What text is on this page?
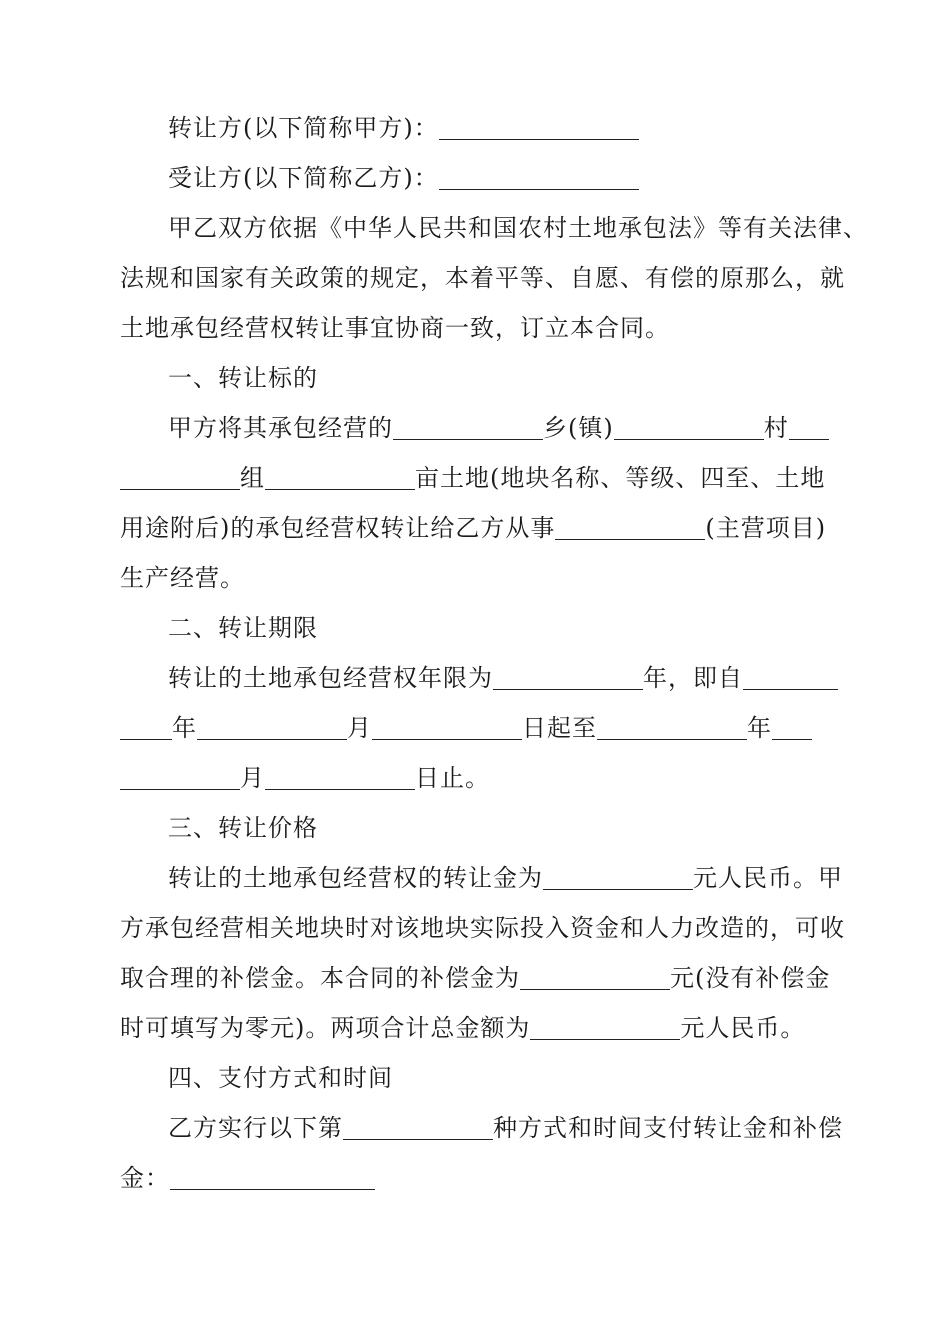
转让方(以下简称甲方)：
受让方(以下简称乙方)：
甲乙双方依据《中华人民共和国农村土地承包法》等有关法律、
法规和国家有关政策的规定，本着平等、自愿、有偿的原那么，就
土地承包经营权转让事宜协商一致，订立本合同。
一、转让标的
甲方将其承包经营的	乡(镇)	村
组	亩土地(地块名称、等级、四至、土地
用途附后)的承包经营权转让给乙方从事	(主营项目)
生产经营。
二、转让期限
转让的土地承包经营权年限为	年，即自
年	月	日起至	年
月	日止。
三、转让价格
转让的土地承包经营权的转让金为	元人民币。甲
方承包经营相关地块时对该地块实际投入资金和人力改造的，可收
取合理的补偿金。本合同的补偿金为	元(没有补偿金
时可填写为零元)。两项合计总金额为	元人民币。
四、支付方式和时间
乙方实行以下第	种方式和时间支付转让金和补偿
金：
